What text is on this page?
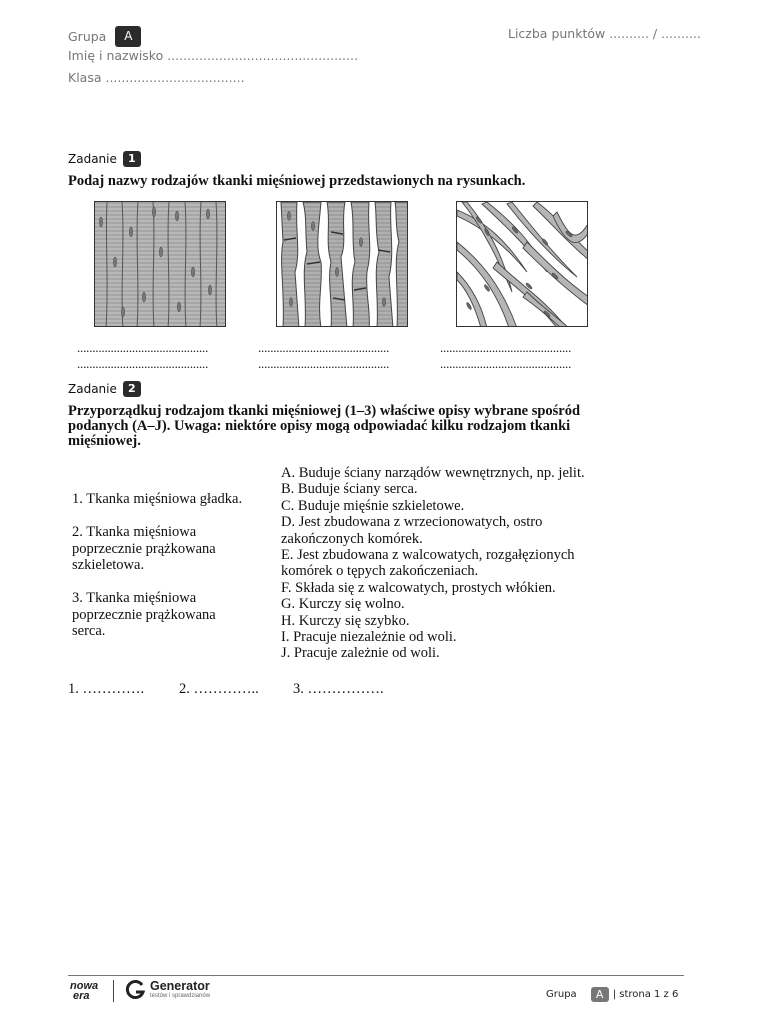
Grupa	A
Imię i nazwisko ................................................
Klasa ...................................
Liczba punktów .......... / ..........
Zadanie	1
Podaj nazwy rodzajów tkanki mięśniowej przedstawionych na rysunkach.
...........................................
...........................................
...........................................
...........................................
...........................................
...........................................
Zadanie	2
Przyporządkuj rodzajom tkanki mięśniowej (1–3) właściwe opisy wybrane spośród
podanych (A–J). Uwaga: niektóre opisy mogą odpowiadać kilku rodzajom tkanki
mięśniowej.
1. Tkanka mięśniowa gładka.
2. Tkanka mięśniowa
poprzecznie prążkowana
szkieletowa.
3. Tkanka mięśniowa
poprzecznie prążkowana
serca.
A. Buduje ściany narządów wewnętrznych, np. jelit.
B. Buduje ściany serca.
C. Buduje mięśnie szkieletowe.
D. Jest zbudowana z wrzecionowatych, ostro
zakończonych komórek.
E. Jest zbudowana z walcowatych, rozgałęzionych
komórek o tępych zakończeniach.
F. Składa się z walcowatych, prostych włókien.
G. Kurczy się wolno.
H. Kurczy się szybko.
I. Pracuje niezależnie od woli.
J. Pracuje zależnie od woli.
1. …………. 2. ………….. 3. …………….
nowa
era
Generator
testów i sprawdzianów	Grupa	A | strona 1 z 6
